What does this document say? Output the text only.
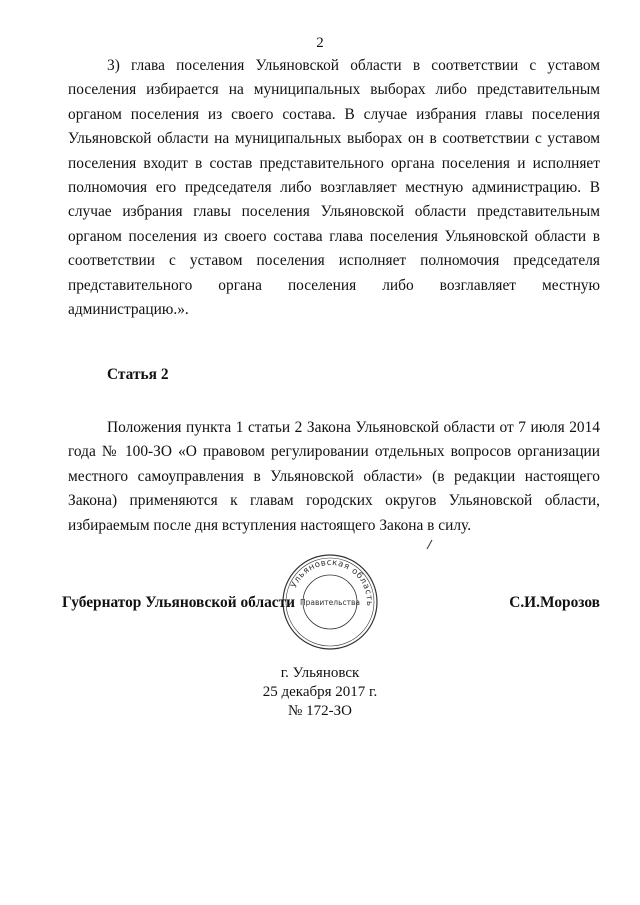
2

3) глава поселения Ульяновской области в соответствии с уставом поселения избирается на муниципальных выборах либо представительным органом поселения из своего состава. В случае избрания главы поселения Ульяновской области на муниципальных выборах он в соответствии с уставом поселения входит в состав представительного органа поселения и исполняет полномочия его председателя либо возглавляет местную администрацию. В случае избрания главы поселения Ульяновской области представительным органом поселения из своего состава глава поселения Ульяновской области в соответствии с уставом поселения исполняет полномочия председателя представительного органа поселения либо возглавляет местную администрацию.».

Статья 2

Положения пункта 1 статьи 2 Закона Ульяновской области от 7 июля 2014 года № 100-ЗО «О правовом регулировании отдельных вопросов организации местного самоуправления в Ульяновской области» (в редакции настоящего Закона) применяются к главам городских округов Ульяновской области, избираемым после дня вступления настоящего Закона в силу.

Ульяновская область
Правительства
Губернатор Ульяновской области	С.И.Морозов
г. Ульяновск
25 декабря 2017 г.
№ 172-ЗО
